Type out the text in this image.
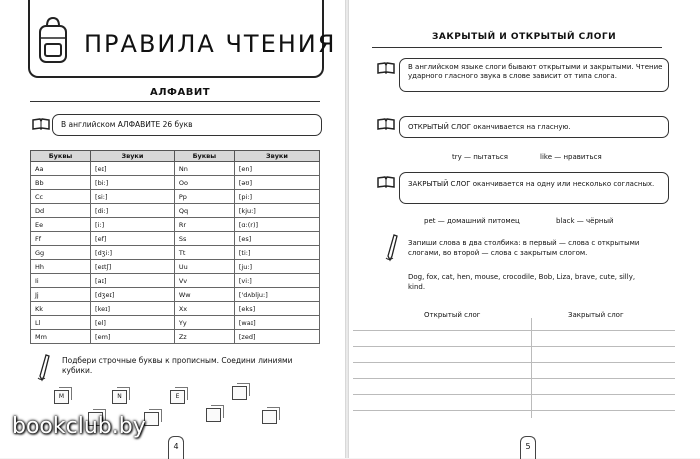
ПРАВИЛА ЧТЕНИЯ
АЛФАВИТ
В английском АЛФАВИТЕ 26 букв
Буквы	Звуки	Буквы	Звуки
Aa	[eɪ]	Nn	[en]
Bb	[bi:]	Oo	[əʊ]
Cc	[si:]	Pp	[pi:]
Dd	[di:]	Qq	[kju:]
Ee	[i:]	Rr	[ɑ:(r)]
Ff	[ef]	Ss	[es]
Gg	[dʒi:]	Tt	[ti:]
Hh	[eɪtʃ]	Uu	[ju:]
Ii	[aɪ]	Vv	[vi:]
Jj	[dʒeɪ]	Ww	['dʌblju:]
Kk	[keɪ]	Xx	[eks]
Ll	[el]	Yy	[waɪ]
Mm	[em]	Zz	[zed]
Подбери строчные буквы к прописным. Соедини линиями кубики.
M	N	E
4
ЗАКРЫТЫЙ И ОТКРЫТЫЙ СЛОГИ
В английском языке слоги бывают открытыми и закрытыми. Чтение ударного гласного звука в слове зависит от типа слога.
ОТКРЫТЫЙ СЛОГ оканчивается на гласную.
try — пытаться	like — нравиться
ЗАКРЫТЫЙ СЛОГ оканчивается на одну или несколько согласных.
pet — домашний питомец	black — чёрный
Запиши слова в два столбика: в первый — слова с открытыми слогами, во второй — слова с закрытым слогом.
Dog, fox, cat, hen, mouse, crocodile, Bob, Liza, brave, cute, silly, kind.
Открытый слог	Закрытый слог
5
bookclub.by
